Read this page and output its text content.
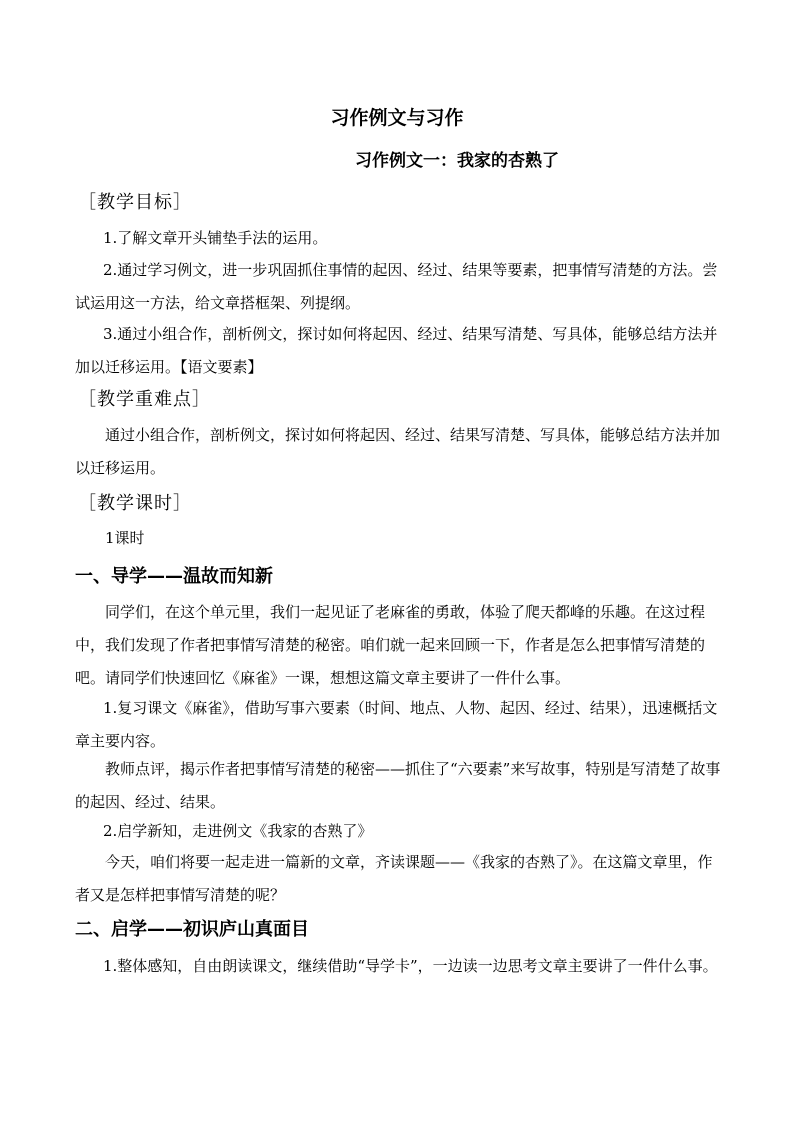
习作例文与习作
习作例文一：我家的杏熟了
［教学目标］
1.了解文章开头铺垫手法的运用。
2.通过学习例文，进一步巩固抓住事情的起因、经过、结果等要素，把事情写清楚的方法。尝试运用这一方法，给文章搭框架、列提纲。
3.通过小组合作，剖析例文，探讨如何将起因、经过、结果写清楚、写具体，能够总结方法并加以迁移运用。【语文要素】
［教学重难点］
通过小组合作，剖析例文，探讨如何将起因、经过、结果写清楚、写具体，能够总结方法并加以迁移运用。
［教学课时］
1课时
一、导学——温故而知新
同学们，在这个单元里，我们一起见证了老麻雀的勇敢，体验了爬天都峰的乐趣。在这过程中，我们发现了作者把事情写清楚的秘密。咱们就一起来回顾一下，作者是怎么把事情写清楚的吧。请同学们快速回忆《麻雀》一课，想想这篇文章主要讲了一件什么事。
1.复习课文《麻雀》，借助写事六要素（时间、地点、人物、起因、经过、结果），迅速概括文章主要内容。
教师点评，揭示作者把事情写清楚的秘密——抓住了“六要素”来写故事，特别是写清楚了故事的起因、经过、结果。
2.启学新知，走进例文《我家的杏熟了》
今天，咱们将要一起走进一篇新的文章，齐读课题——《我家的杏熟了》。在这篇文章里，作者又是怎样把事情写清楚的呢？
二、启学——初识庐山真面目
1.整体感知，自由朗读课文，继续借助“导学卡”，一边读一边思考文章主要讲了一件什么事。
